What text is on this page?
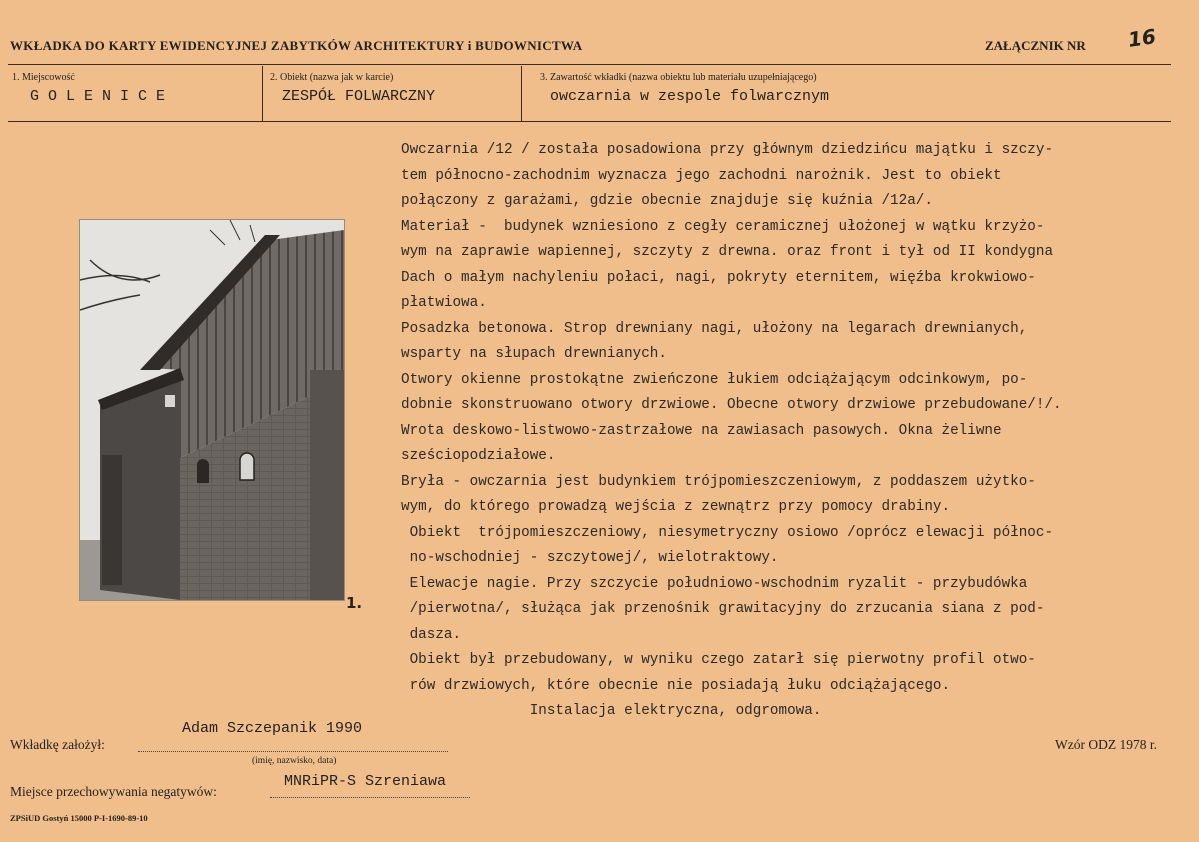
WKŁADKA DO KARTY EWIDENCYJNEJ ZABYTKÓW ARCHITEKTURY i BUDOWNICTWA	ZAŁĄCZNIK NR 16
1. Miejscowość
GOLENICE
2. Obiekt (nazwa jak w karcie)
ZESPÓŁ FOLWARCZNY
3. Zawartość wkładki (nazwa obiektu lub materiału uzupełniającego)
owczarnia w zespole folwarcznym
1.

Owczarnia /12 / została posadowiona przy głównym dziedzińcu majątku i szczy-

tem północno-zachodnim wyznacza jego zachodni narożnik. Jest to obiekt

połączony z garażami, gdzie obecnie znajduje się kuźnia /12a/.

Materiał -  budynek wzniesiono z cegły ceramicznej ułożonej w wątku krzyżo-

wym na zaprawie wapiennej, szczyty z drewna. oraz front i tył od II kondygna

Dach o małym nachyleniu połaci, nagi, pokryty eternitem, więźba krokwiowo-

płatwiowa.

Posadzka betonowa. Strop drewniany nagi, ułożony na legarach drewnianych,

wsparty na słupach drewnianych.

Otwory okienne prostokątne zwieńczone łukiem odciążającym odcinkowym, po-

dobnie skonstruowano otwory drzwiowe. Obecne otwory drzwiowe przebudowane/!/.

Wrota deskowo-listwowo-zastrzałowe na zawiasach pasowych. Okna żeliwne

sześciopodziałowe.

Bryła - owczarnia jest budynkiem trójpomieszczeniowym, z poddaszem użytko-

wym, do którego prowadzą wejścia z zewnątrz przy pomocy drabiny.

Obiekt  trójpomieszczeniowy, niesymetryczny osiowo /oprócz elewacji północ-

no-wschodniej - szczytowej/, wielotraktowy.

Elewacje nagie. Przy szczycie południowo-wschodnim ryzalit - przybudówka

/pierwotna/, służąca jak przenośnik grawitacyjny do zrzucania siana z pod-

dasza.

Obiekt był przebudowany, w wyniku czego zatarł się pierwotny profil otwo-

rów drzwiowych, które obecnie nie posiadają łuku odciążającego.

Instalacja elektryczna, odgromowa.

Adam Szczepanik 1990
Wkładkę założył:
(imię, nazwisko, data)
Wzór ODZ 1978 r.
MNRiPR-S Szreniawa
Miejsce przechowywania negatywów:
ZPSiUD Gostyń 15000 P-I-1690-89-10
